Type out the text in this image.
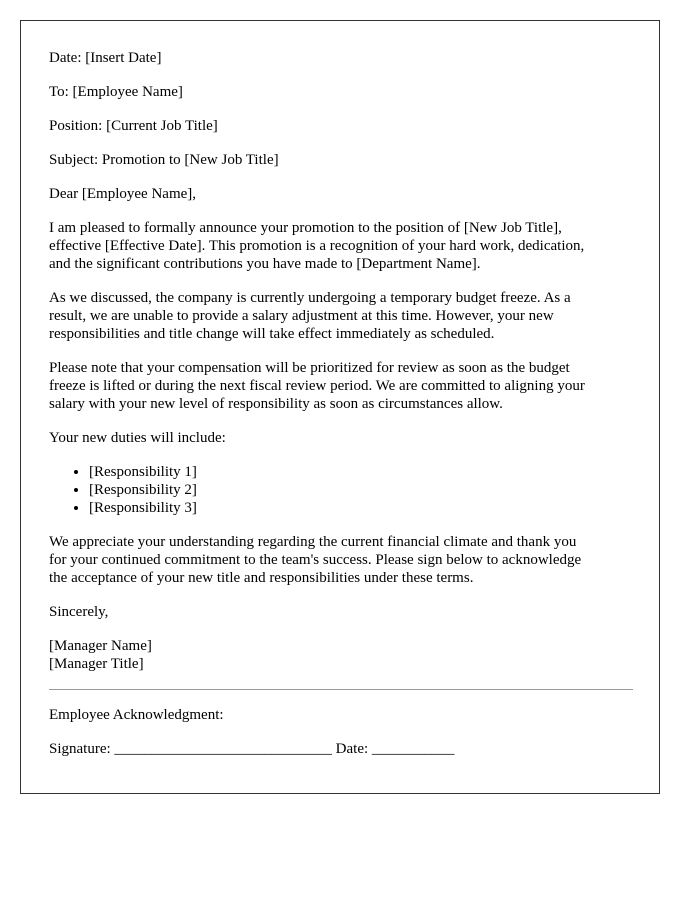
Date: [Insert Date]

To: [Employee Name]

Position: [Current Job Title]

Subject: Promotion to [New Job Title]

Dear [Employee Name],

I am pleased to formally announce your promotion to the position of [New Job Title],
effective [Effective Date]. This promotion is a recognition of your hard work, dedication,
and the significant contributions you have made to [Department Name].

As we discussed, the company is currently undergoing a temporary budget freeze. As a
result, we are unable to provide a salary adjustment at this time. However, your new
responsibilities and title change will take effect immediately as scheduled.

Please note that your compensation will be prioritized for review as soon as the budget
freeze is lifted or during the next fiscal review period. We are committed to aligning your
salary with your new level of responsibility as soon as circumstances allow.

Your new duties will include:

• [Responsibility 1]
• [Responsibility 2]
• [Responsibility 3]

We appreciate your understanding regarding the current financial climate and thank you
for your continued commitment to the team's success. Please sign below to acknowledge
the acceptance of your new title and responsibilities under these terms.

Sincerely,

[Manager Name]
[Manager Title]

Employee Acknowledgment:

Signature: _____________________________ Date: ___________
